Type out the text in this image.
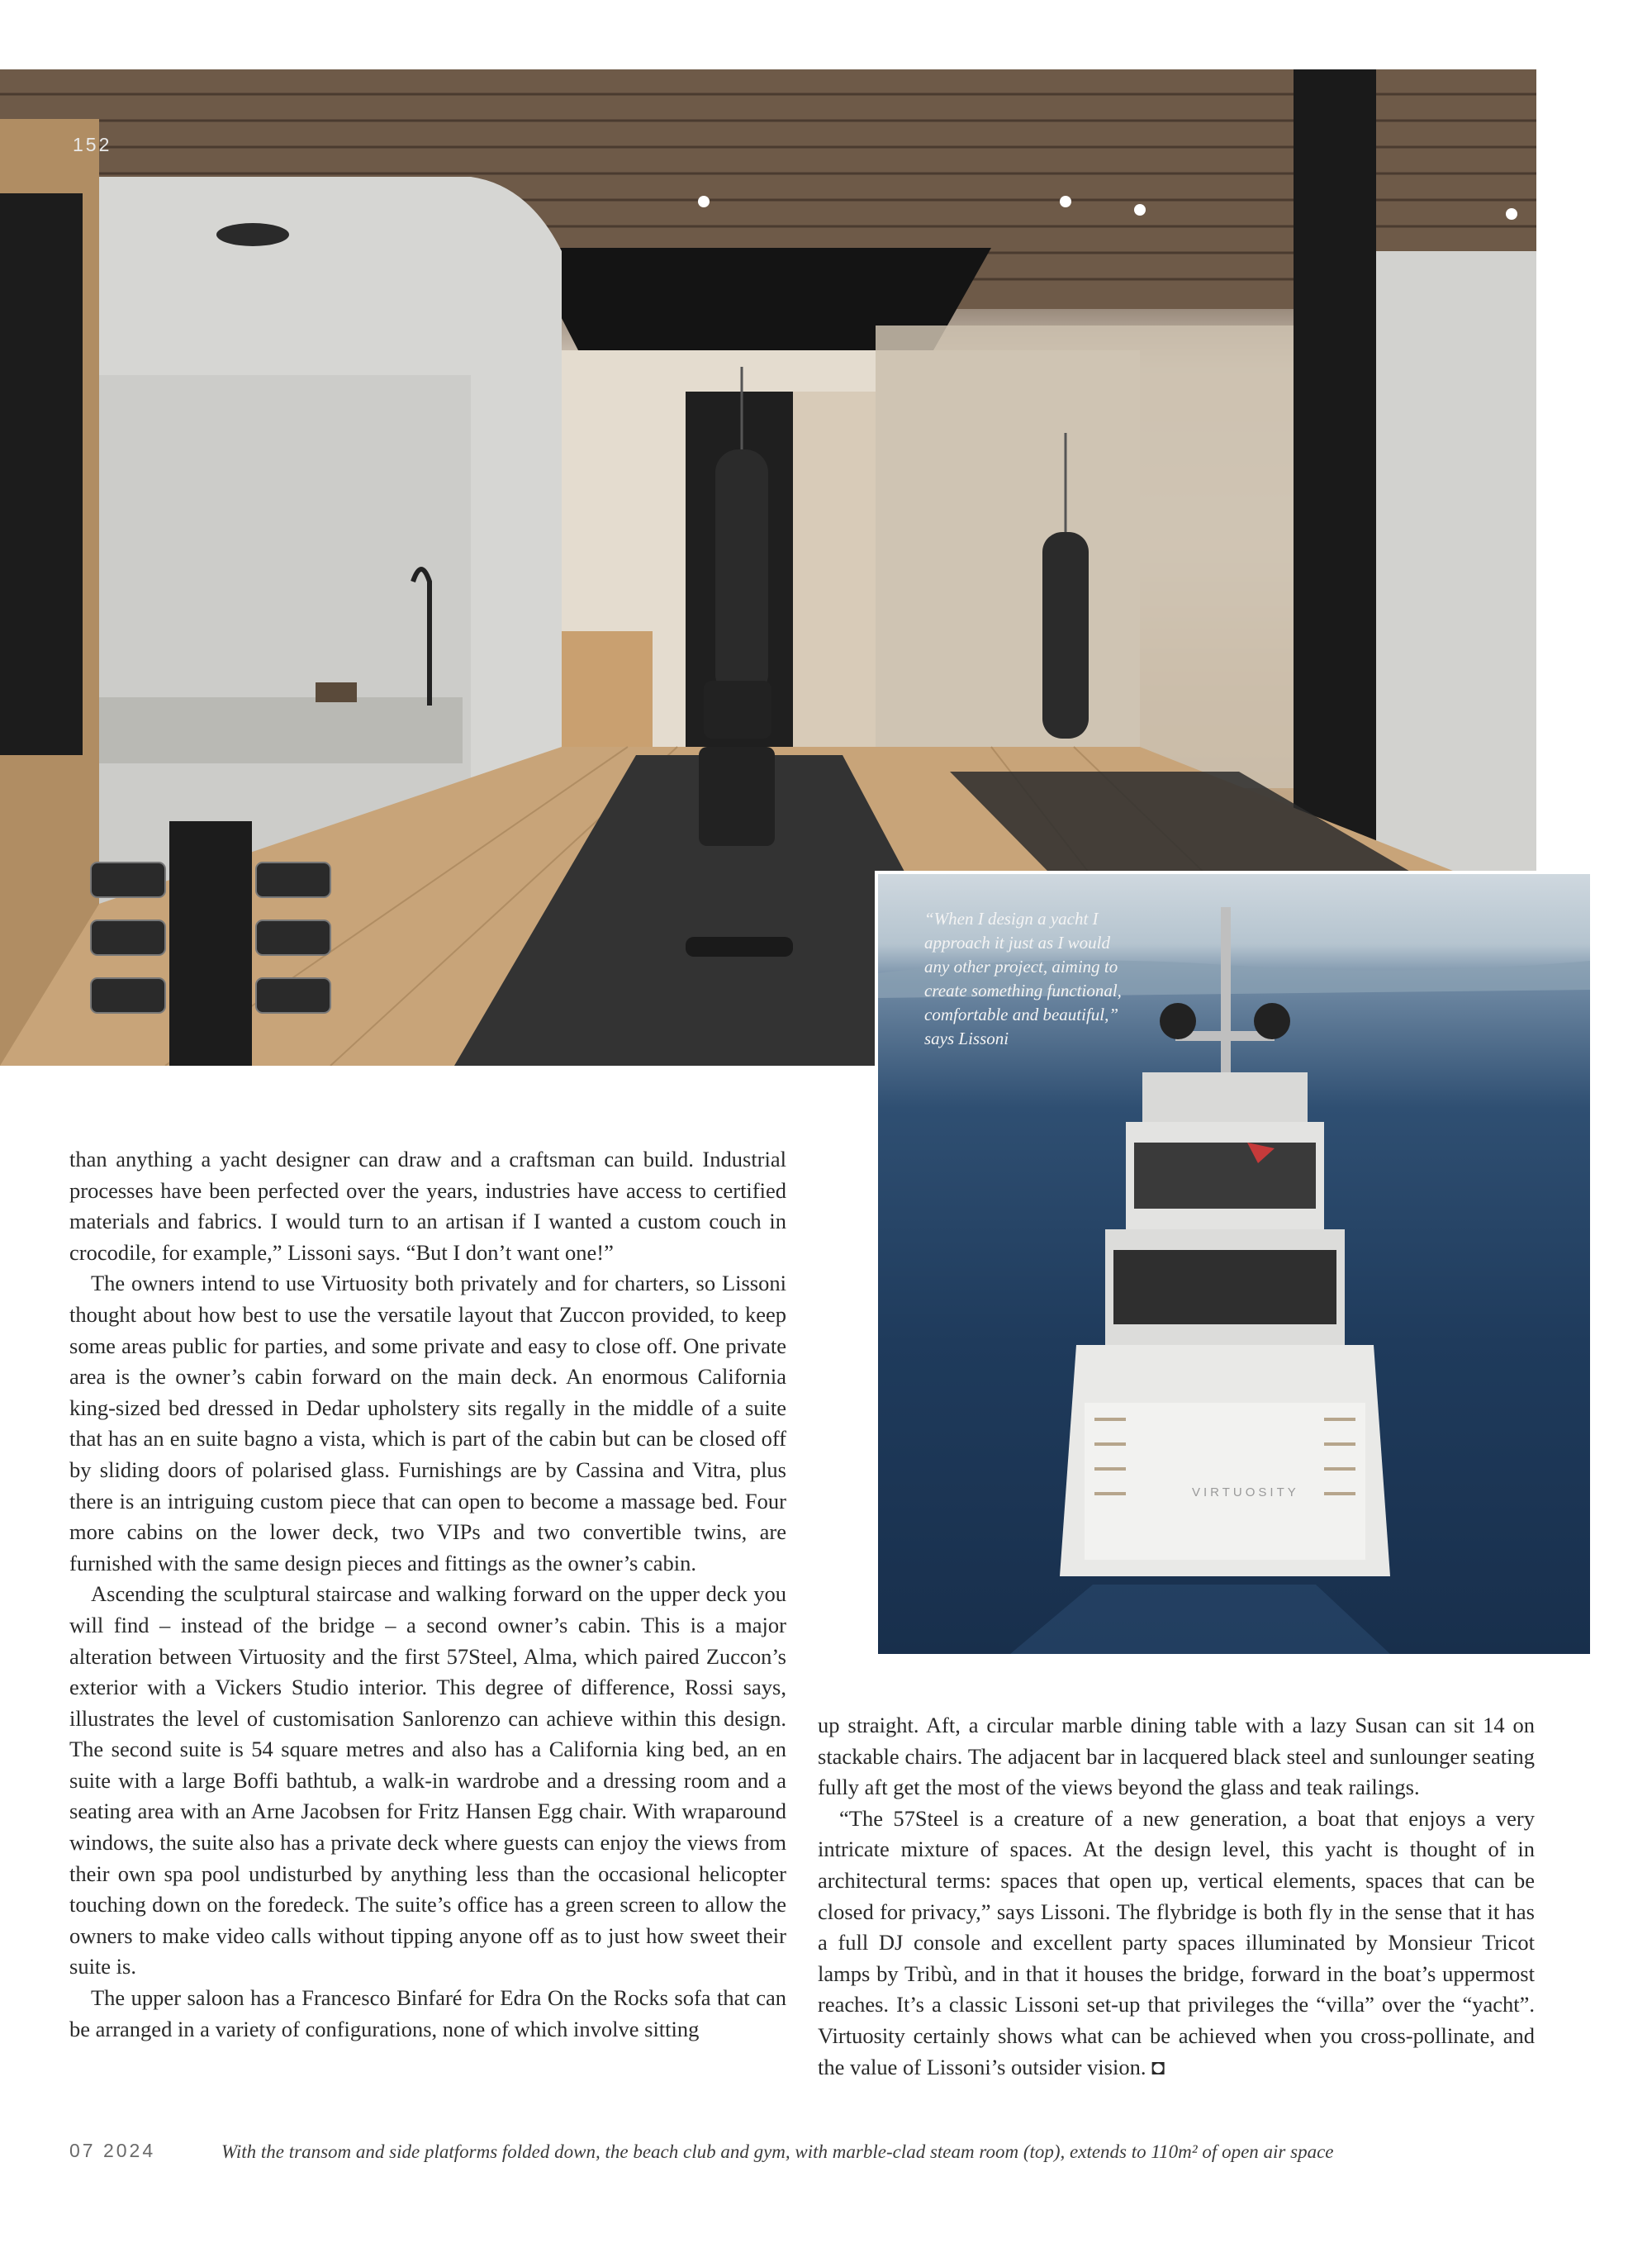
152
“When I design a yacht I approach it just as I would any other project, aiming to create something functional, comfortable and beautiful,” says Lissoni
VIRTUOSITY

than anything a yacht designer can draw and a craftsman can build. Industrial processes have been perfected over the years, industries have access to certified materials and fabrics. I would turn to an artisan if I wanted a custom couch in crocodile, for example,” Lissoni says. “But I don’t want one!”

The owners intend to use Virtuosity both privately and for charters, so Lissoni thought about how best to use the versatile layout that Zuccon provided, to keep some areas public for parties, and some private and easy to close off. One private area is the owner’s cabin forward on the main deck. An enormous California king-sized bed dressed in Dedar upholstery sits regally in the middle of a suite that has an en suite bagno a vista, which is part of the cabin but can be closed off by sliding doors of polarised glass. Furnishings are by Cassina and Vitra, plus there is an intriguing custom piece that can open to become a massage bed. Four more cabins on the lower deck, two VIPs and two convertible twins, are furnished with the same design pieces and fittings as the owner’s cabin.

Ascending the sculptural staircase and walking forward on the upper deck you will find – instead of the bridge – a second owner’s cabin. This is a major alteration between Virtuosity and the first 57Steel, Alma, which paired Zuccon’s exterior with a Vickers Studio interior. This degree of difference, Rossi says, illustrates the level of customisation Sanlorenzo can achieve within this design. The second suite is 54 square metres and also has a California king bed, an en suite with a large Boffi bathtub, a walk-in wardrobe and a dressing room and a seating area with an Arne Jacobsen for Fritz Hansen Egg chair. With wraparound windows, the suite also has a private deck where guests can enjoy the views from their own spa pool undisturbed by anything less than the occasional helicopter touching down on the foredeck. The suite’s office has a green screen to allow the owners to make video calls without tipping anyone off as to just how sweet their suite is.

The upper saloon has a Francesco Binfaré for Edra On the Rocks sofa that can be arranged in a variety of configurations, none of which involve sitting

up straight. Aft, a circular marble dining table with a lazy Susan can sit 14 on stackable chairs. The adjacent bar in lacquered black steel and sunlounger seating fully aft get the most of the views beyond the glass and teak railings.

“The 57Steel is a creature of a new generation, a boat that enjoys a very intricate mixture of spaces. At the design level, this yacht is thought of in architectural terms: spaces that open up, vertical elements, spaces that can be closed for privacy,” says Lissoni. The flybridge is both fly in the sense that it has a full DJ console and excellent party spaces illuminated by Monsieur Tricot lamps by Tribù, and in that it houses the bridge, forward in the boat’s uppermost reaches. It’s a classic Lissoni set-up that privileges the “villa” over the “yacht”. Virtuosity certainly shows what can be achieved when you cross-pollinate, and the value of Lissoni’s outsider vision. ◘

07 2024	With the transom and side platforms folded down, the beach club and gym, with marble-clad steam room (top), extends to 110m² of open air space
